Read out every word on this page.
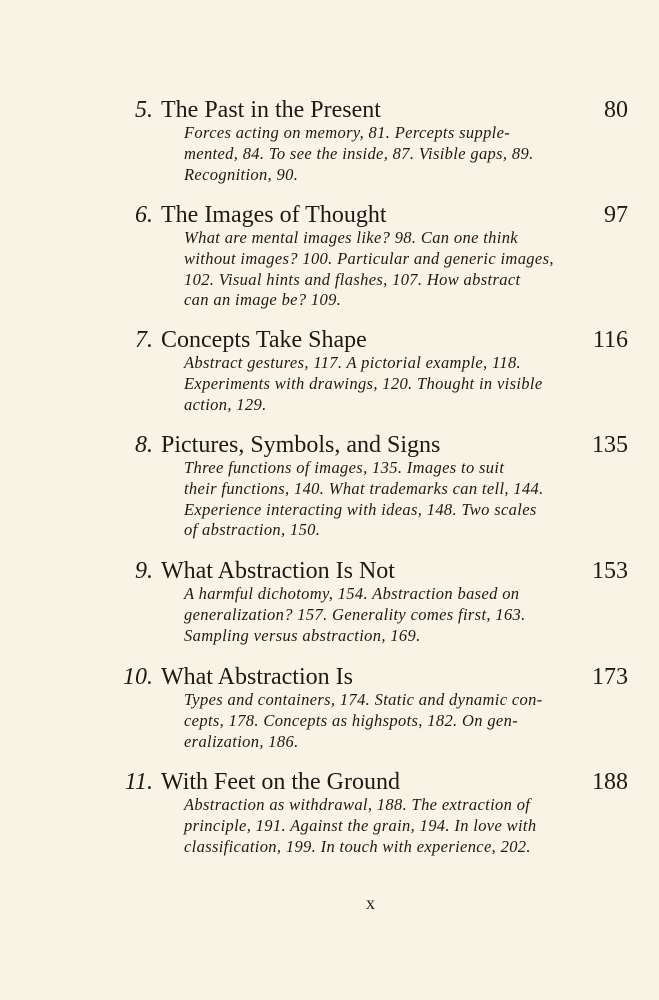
5. The Past in the Present	80
Forces acting on memory, 81. Percepts supple-
mented, 84. To see the inside, 87. Visible gaps, 89.
Recognition, 90.
6. The Images of Thought	97
What are mental images like? 98. Can one think
without images? 100. Particular and generic images,
102. Visual hints and flashes, 107. How abstract
can an image be? 109.
7. Concepts Take Shape	116
Abstract gestures, 117. A pictorial example, 118.
Experiments with drawings, 120. Thought in visible
action, 129.
8. Pictures, Symbols, and Signs	135
Three functions of images, 135. Images to suit
their functions, 140. What trademarks can tell, 144.
Experience interacting with ideas, 148. Two scales
of abstraction, 150.
9. What Abstraction Is Not	153
A harmful dichotomy, 154. Abstraction based on
generalization? 157. Generality comes first, 163.
Sampling versus abstraction, 169.
10. What Abstraction Is	173
Types and containers, 174. Static and dynamic con-
cepts, 178. Concepts as highspots, 182. On gen-
eralization, 186.
11. With Feet on the Ground	188
Abstraction as withdrawal, 188. The extraction of
principle, 191. Against the grain, 194. In love with
classification, 199. In touch with experience, 202.
x
